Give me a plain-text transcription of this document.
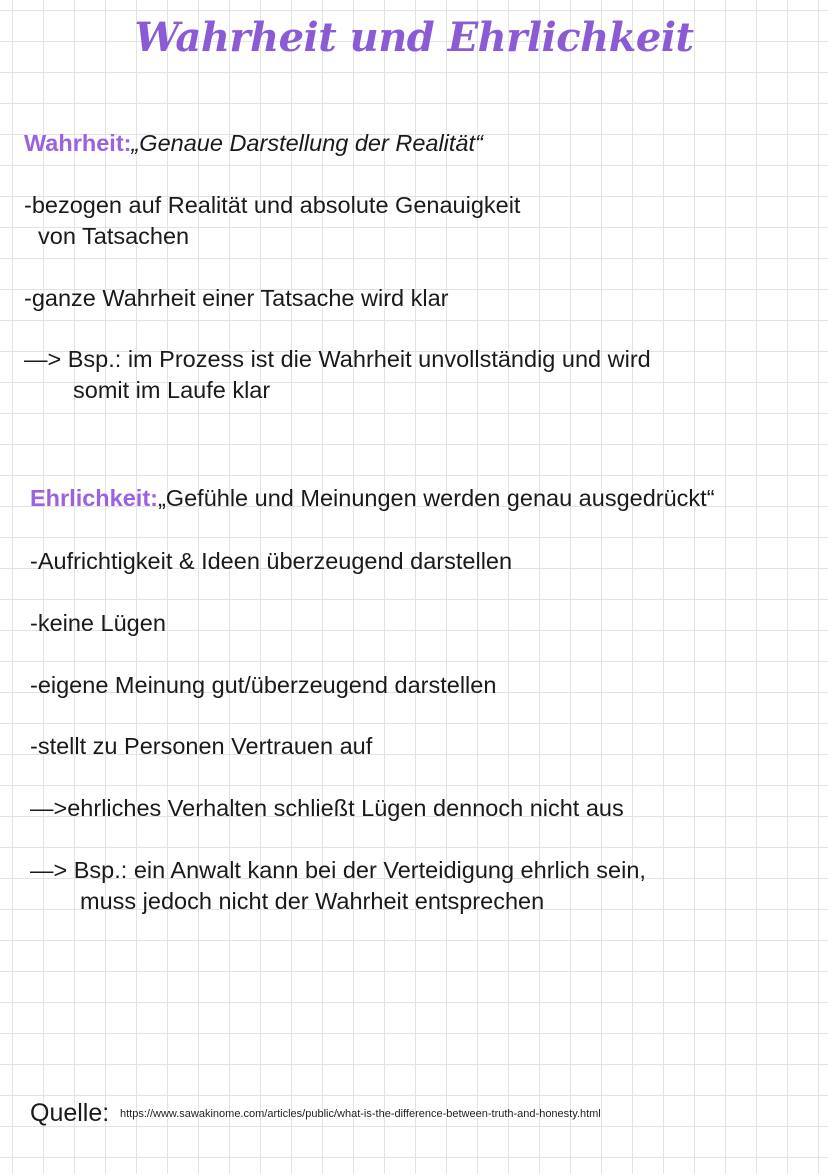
Wahrheit und Ehrlichkeit
Wahrheit:„Genaue Darstellung der Realität“
-bezogen auf Realität und absolute Genauigkeit
von Tatsachen
-ganze Wahrheit einer Tatsache wird klar
—> Bsp.: im Prozess ist die Wahrheit unvollständig und wird
somit im Laufe klar
Ehrlichkeit:„Gefühle und Meinungen werden genau ausgedrückt“
-Aufrichtigkeit & Ideen überzeugend darstellen
-keine Lügen
-eigene Meinung gut/überzeugend darstellen
-stellt zu Personen Vertrauen auf
—>ehrliches Verhalten schließt Lügen dennoch nicht aus
—> Bsp.: ein Anwalt kann bei der Verteidigung ehrlich sein,
muss jedoch nicht der Wahrheit entsprechen
Quelle: https://www.sawakinome.com/articles/public/what-is-the-difference-between-truth-and-honesty.html
